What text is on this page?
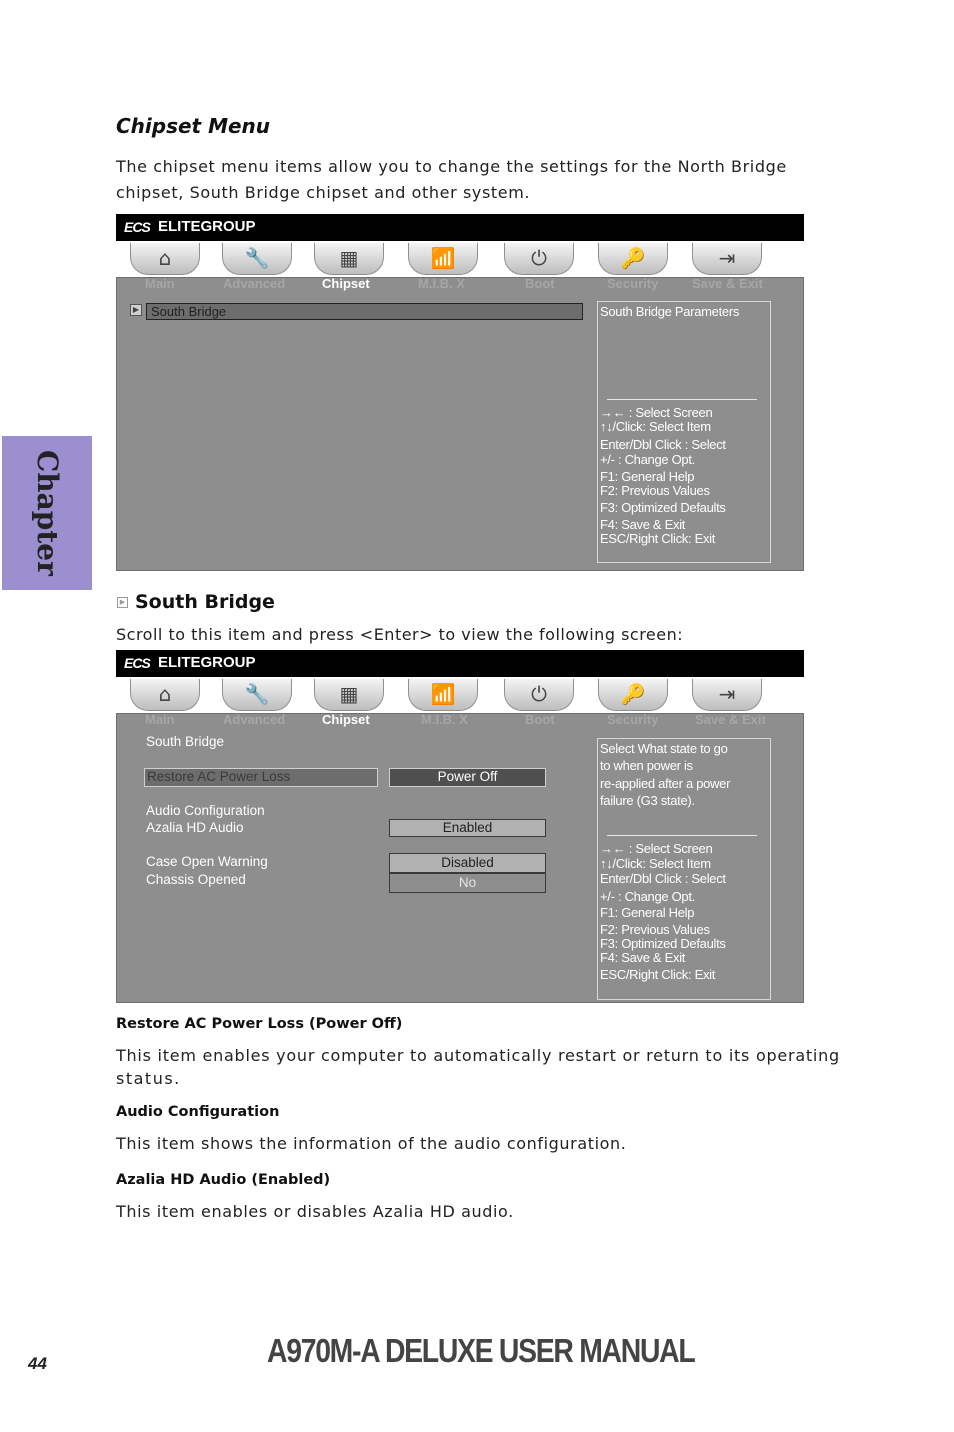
Chapter
Chipset Menu
The chipset menu items allow you to change the settings for the North Bridge
chipset, South Bridge chipset and other system.
ECS ELITEGROUP
⌂	🔧	▦	📶	⏻	🔑	⇥
Main	Advanced	Chipset	M.I.B. X	Boot	Security	Save & Exit
▶ South Bridge	South Bridge Parameters
→← : Select Screen
↑↓/Click: Select Item
Enter/Dbl Click : Select
+/- : Change Opt.
F1: General Help
F2: Previous Values
F3: Optimized Defaults
F4: Save & Exit
ESC/Right Click: Exit
▶ South Bridge
Scroll to this item and press <Enter> to view the following screen:
ECS ELITEGROUP
⌂	🔧	▦	📶	⏻	🔑	⇥
Main	Advanced	Chipset	M.I.B. X	Boot	Security	Save & Exit
South Bridge
Restore AC Power Loss	Power Off
Audio Configuration
Azalia HD Audio	Enabled
Case Open Warning
Chassis Opened
Disabled
No
Select What state to go
to when power is
re-applied after a power
failure (G3 state).
→← : Select Screen
↑↓/Click: Select Item
Enter/Dbl Click : Select
+/- : Change Opt.
F1: General Help
F2: Previous Values
F3: Optimized Defaults
F4: Save & Exit
ESC/Right Click: Exit
Restore AC Power Loss (Power Off)
This item enables your computer to automatically restart or return to its operating
status.
Audio Configuration
This item shows the information of the audio configuration.
Azalia HD Audio (Enabled)
This item enables or disables Azalia HD audio.
44	A970M-A DELUXE USER MANUAL
